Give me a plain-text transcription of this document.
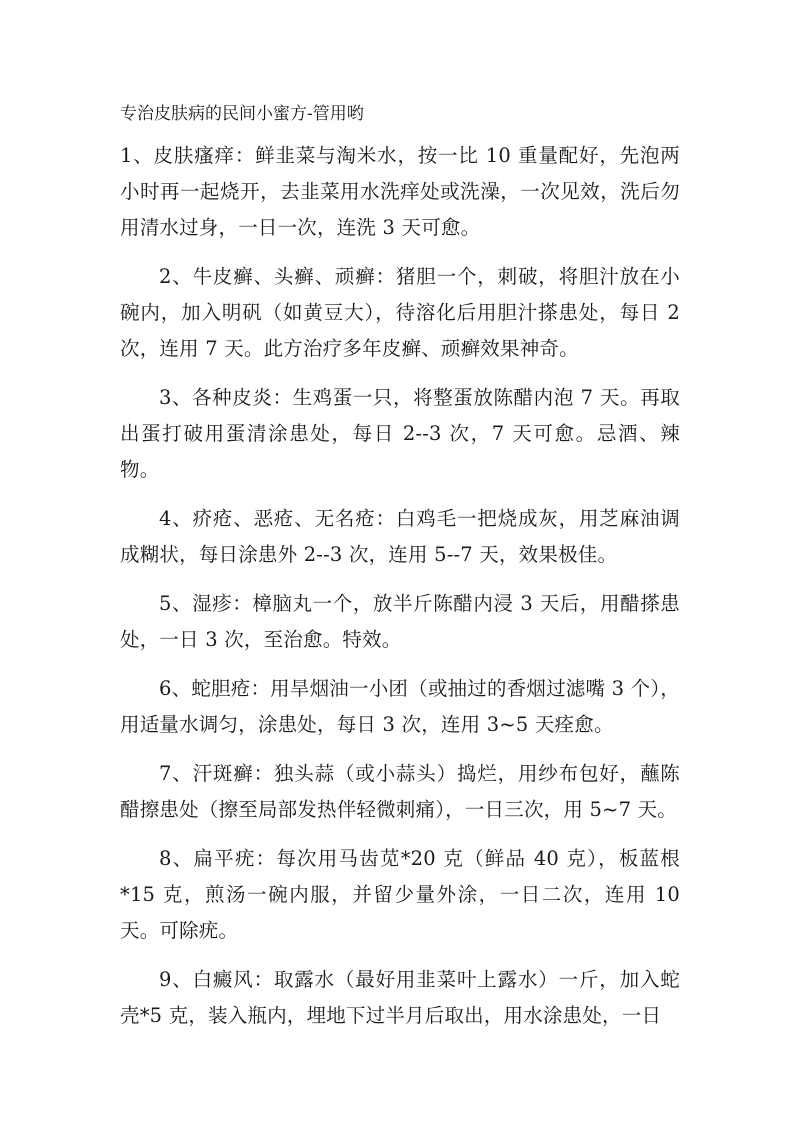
专治皮肤病的民间小蜜方-管用哟

1、皮肤瘙痒：鲜韭菜与淘米水，按一比 10 重量配好，先泡两小时再一起烧开，去韭菜用水洗痒处或洗澡，一次见效，洗后勿用清水过身，一日一次，连洗 3 天可愈。

2、牛皮癣、头癣、顽癣：猪胆一个，刺破，将胆汁放在小碗内，加入明矾（如黄豆大），待溶化后用胆汁搽患处，每日 2 次，连用 7 天。此方治疗多年皮癣、顽癣效果神奇。

3、各种皮炎：生鸡蛋一只，将整蛋放陈醋内泡 7 天。再取出蛋打破用蛋清涂患处，每日 2--3 次，7 天可愈。忌酒、辣物。

4、疥疮、恶疮、无名疮：白鸡毛一把烧成灰，用芝麻油调成糊状，每日涂患外 2--3 次，连用 5--7 天，效果极佳。

5、湿疹：樟脑丸一个，放半斤陈醋内浸 3 天后，用醋搽患处，一日 3 次，至治愈。特效。

6、蛇胆疮：用旱烟油一小团（或抽过的香烟过滤嘴 3 个），用适量水调匀，涂患处，每日 3 次，连用 3~5 天痊愈。

7、汗斑癣：独头蒜（或小蒜头）捣烂，用纱布包好，蘸陈醋擦患处（擦至局部发热伴轻微刺痛），一日三次，用 5~7 天。

8、扁平疣：每次用马齿苋*20 克（鲜品 40 克），板蓝根*15 克，煎汤一碗内服，并留少量外涂，一日二次，连用 10 天。可除疣。

9、白癜风：取露水（最好用韭菜叶上露水）一斤，加入蛇壳*5 克，装入瓶内，埋地下过半月后取出，用水涂患处，一日
